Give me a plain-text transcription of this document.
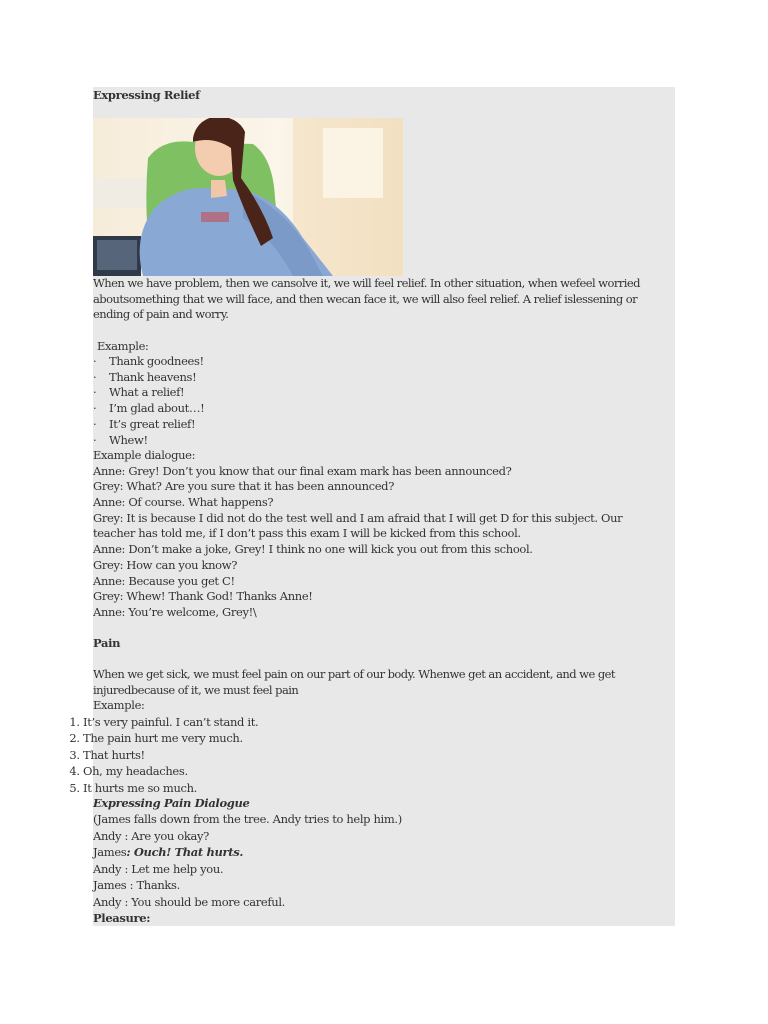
Expressing Relief

When we have problem, then we cansolve it, we will feel relief. In other situation, when wefeel worried aboutsomething that we will face, and then wecan face it, we will also feel relief. A relief islessening or ending of pain and worry.

Example:
· Thank goodnees!
· Thank heavens!
· What a relief!
· I’m glad about…!
· It’s great relief!
· Whew!
Example dialogue:
Anne: Grey! Don’t you know that our final exam mark has been announced?
Grey: What? Are you sure that it has been announced?
Anne: Of course. What happens?
Grey: It is because I did not do the test well and I am afraid that I will get D for this subject. Our
teacher has told me, if I don’t pass this exam I will be kicked from this school.
Anne: Don’t make a joke, Grey! I think no one will kick you out from this school.
Grey: How can you know?
Anne: Because you get C!
Grey: Whew! Thank God! Thanks Anne!
Anne: You’re welcome, Grey!\
Pain

When we get sick, we must feel pain on our part of our body. Whenwe get an accident, and we get injuredbecause of it, we must feel pain

Example:
1. It’s very painful. I can’t stand it.
2. The pain hurt me very much.
3. That hurts!
4. Oh, my headaches.
5. It hurts me so much.
Expressing Pain Dialogue
(James falls down from the tree. Andy tries to help him.)
Andy : Are you okay?
James: Ouch! That hurts.
Andy : Let me help you.
James : Thanks.
Andy : You should be more careful.
Pleasure:
